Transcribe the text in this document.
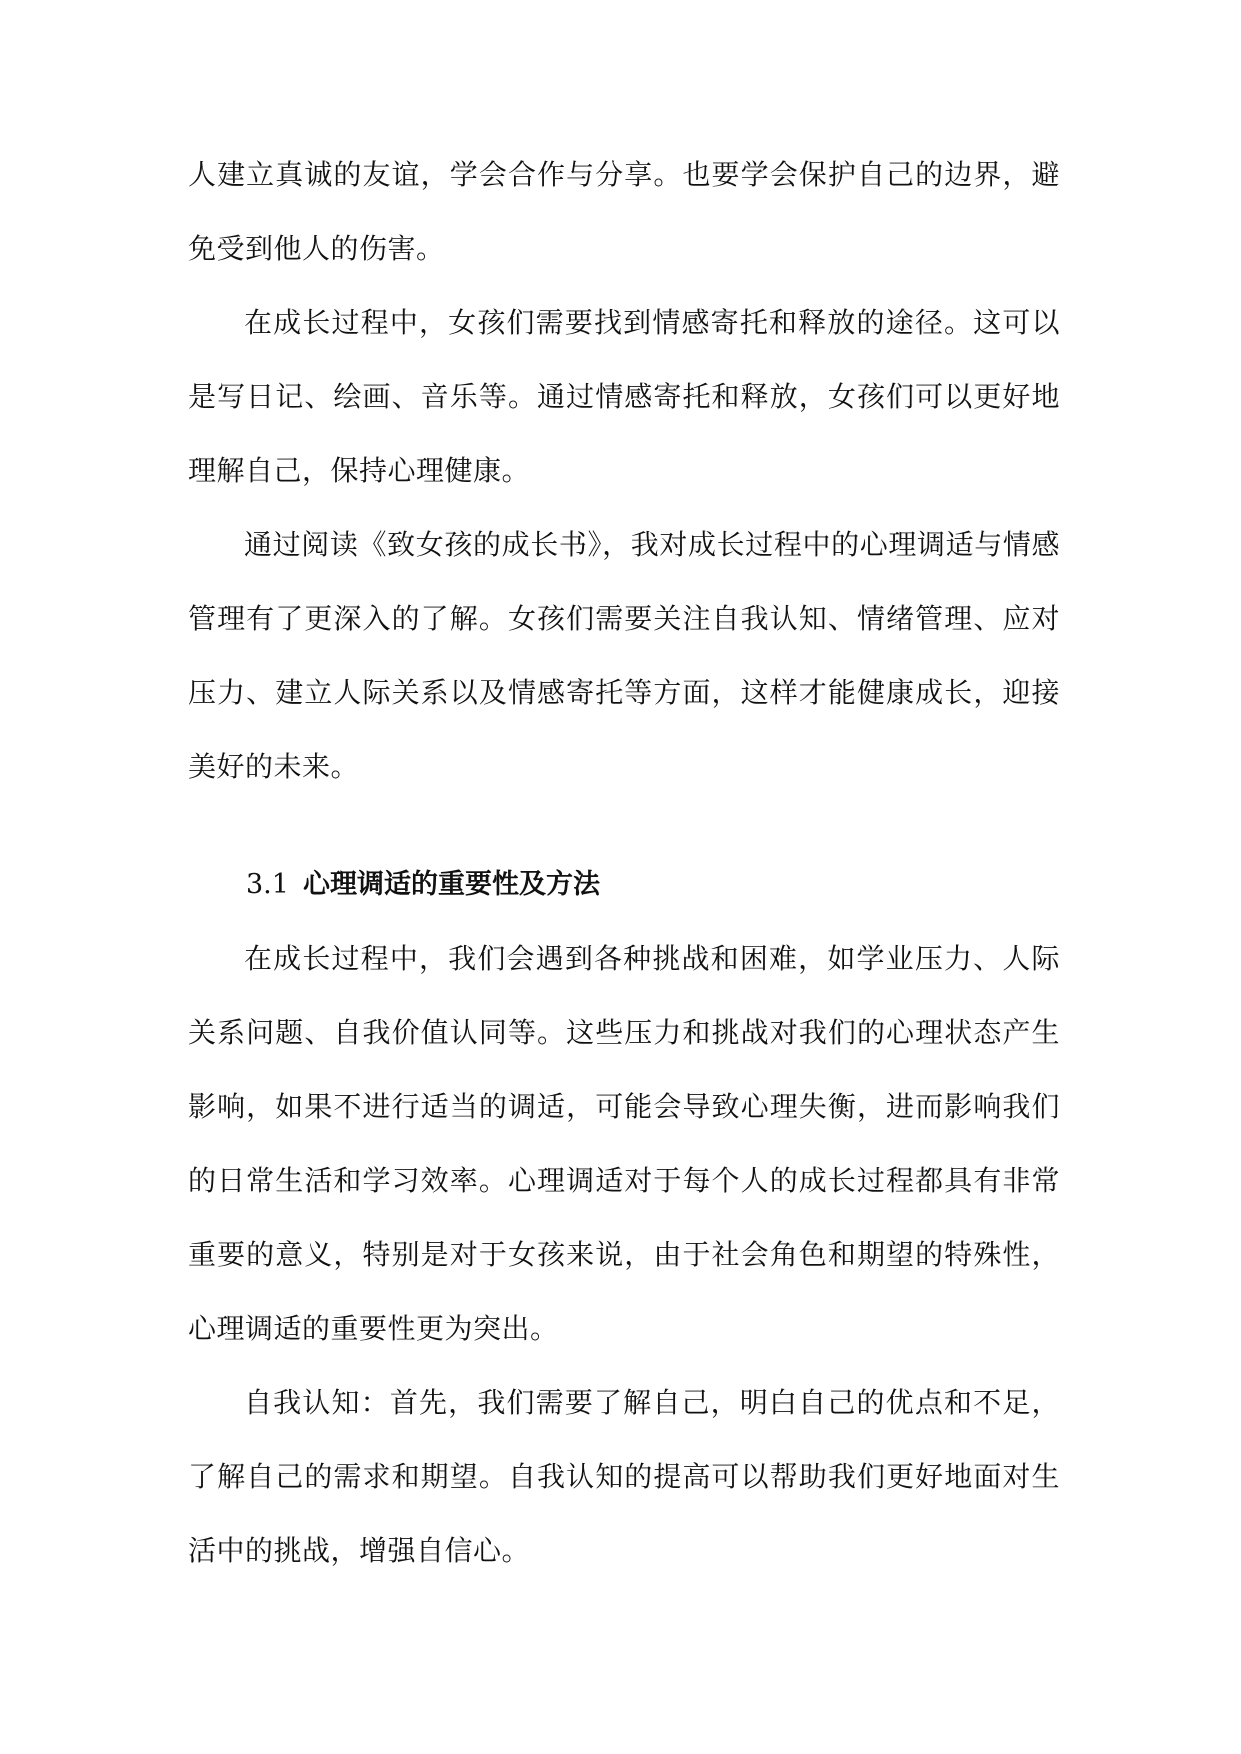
人建立真诚的友谊，学会合作与分享。也要学会保护自己的边界，避免受到他人的伤害。

在成长过程中，女孩们需要找到情感寄托和释放的途径。这可以是写日记、绘画、音乐等。通过情感寄托和释放，女孩们可以更好地理解自己，保持心理健康。

通过阅读《致女孩的成长书》，我对成长过程中的心理调适与情感管理有了更深入的了解。女孩们需要关注自我认知、情绪管理、应对压力、建立人际关系以及情感寄托等方面，这样才能健康成长，迎接美好的未来。

3.1 心理调适的重要性及方法

在成长过程中，我们会遇到各种挑战和困难，如学业压力、人际关系问题、自我价值认同等。这些压力和挑战对我们的心理状态产生影响，如果不进行适当的调适，可能会导致心理失衡，进而影响我们的日常生活和学习效率。心理调适对于每个人的成长过程都具有非常重要的意义，特别是对于女孩来说，由于社会角色和期望的特殊性，心理调适的重要性更为突出。

自我认知：首先，我们需要了解自己，明白自己的优点和不足，了解自己的需求和期望。自我认知的提高可以帮助我们更好地面对生活中的挑战，增强自信心。
